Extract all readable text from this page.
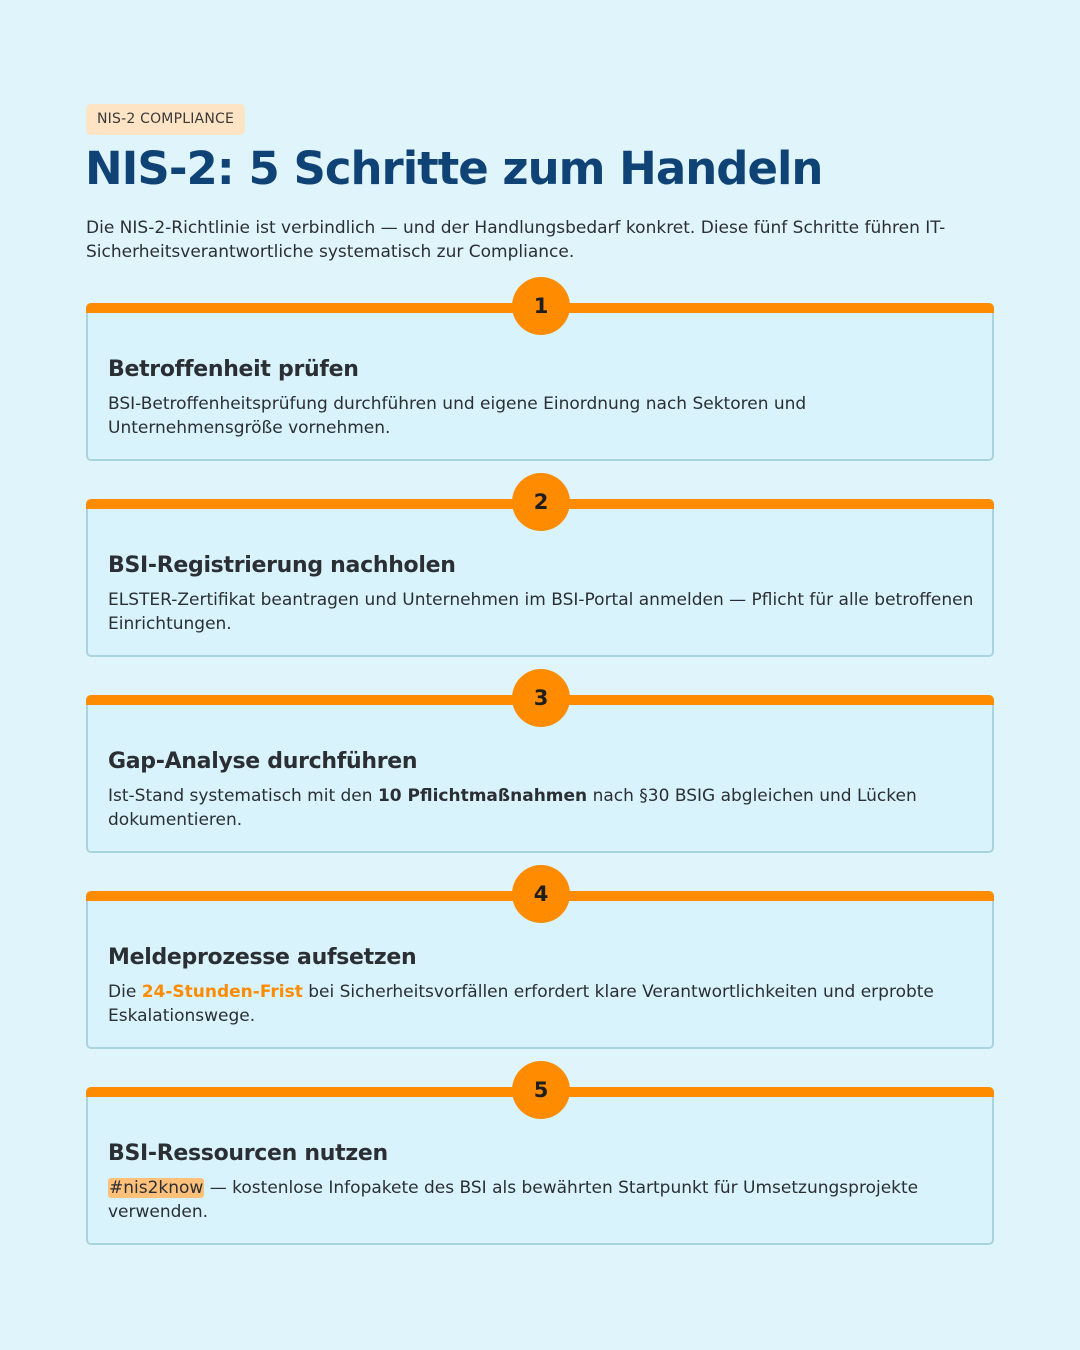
NIS-2 COMPLIANCE
NIS-2: 5 Schritte zum Handeln
Die NIS-2-Richtlinie ist verbindlich — und der Handlungsbedarf konkret. Diese fünf Schritte führen IT-Sicherheitsverantwortliche systematisch zur Compliance.
1
Betroffenheit prüfen

BSI-Betroffenheitsprüfung durchführen und eigene Einordnung nach Sektoren und Unternehmensgröße vornehmen.

2
BSI-Registrierung nachholen

ELSTER-Zertifikat beantragen und Unternehmen im BSI-Portal anmelden — Pflicht für alle betroffenen Einrichtungen.

3
Gap-Analyse durchführen

Ist-Stand systematisch mit den 10 Pflichtmaßnahmen nach §30 BSIG abgleichen und Lücken dokumentieren.

4
Meldeprozesse aufsetzen

Die 24-Stunden-Frist bei Sicherheitsvorfällen erfordert klare Verantwortlichkeiten und erprobte Eskalationswege.

5
BSI-Ressourcen nutzen

#nis2know — kostenlose Infopakete des BSI als bewährten Startpunkt für Umsetzungsprojekte verwenden.
